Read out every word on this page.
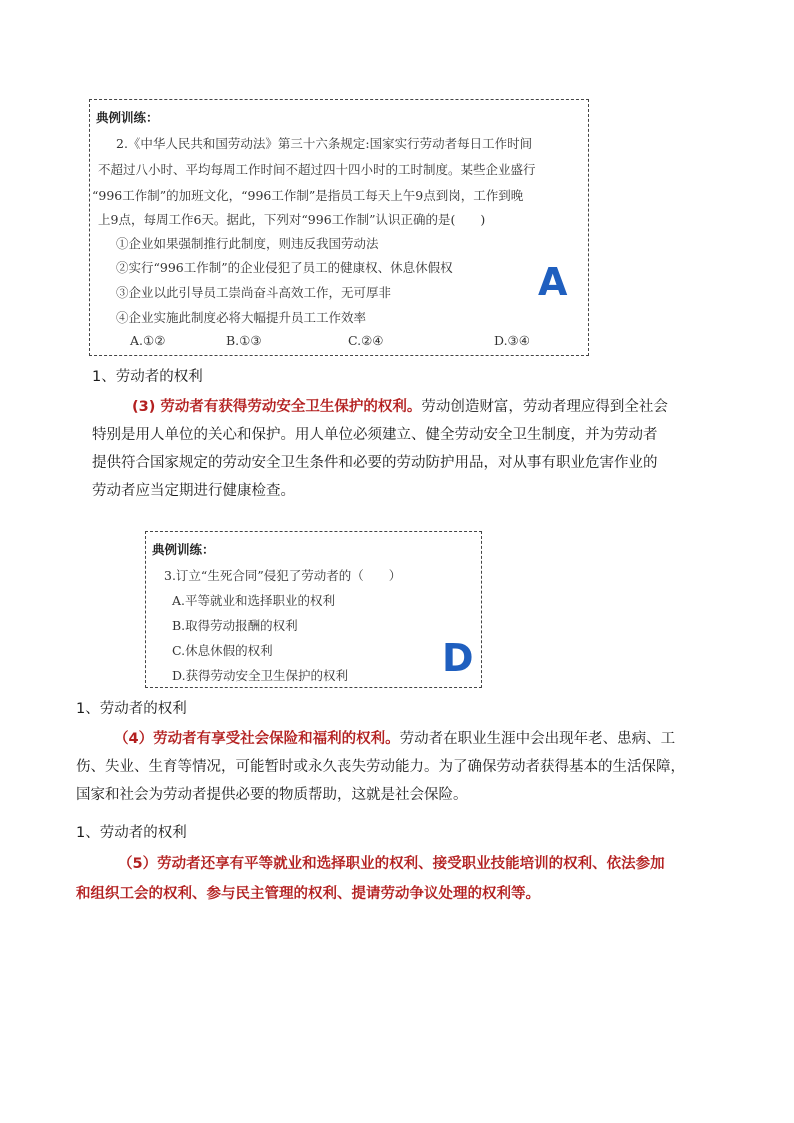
典例训练：
2.《中华人民共和国劳动法》第三十六条规定:国家实行劳动者每日工作时间
不超过八小时、平均每周工作时间不超过四十四小时的工时制度。某些企业盛行
“996工作制”的加班文化，“996工作制”是指员工每天上午9点到岗，工作到晚
上9点，每周工作6天。据此，下列对“996工作制”认识正确的是(　　)
①企业如果强制推行此制度，则违反我国劳动法
②实行“996工作制”的企业侵犯了员工的健康权、休息休假权
③企业以此引导员工崇尚奋斗高效工作，无可厚非
④企业实施此制度必将大幅提升员工工作效率
A.①②	B.①③	C.②④	D.③④
A
1、劳动者的权利
(3) 劳动者有获得劳动安全卫生保护的权利。劳动创造财富，劳动者理应得到全社会
特别是用人单位的关心和保护。用人单位必须建立、健全劳动安全卫生制度，并为劳动者
提供符合国家规定的劳动安全卫生条件和必要的劳动防护用品，对从事有职业危害作业的
劳动者应当定期进行健康检查。
典例训练：
3.订立“生死合同”侵犯了劳动者的（　　）
A.平等就业和选择职业的权利
B.取得劳动报酬的权利
C.休息休假的权利
D.获得劳动安全卫生保护的权利 D
1、劳动者的权利
（4）劳动者有享受社会保险和福利的权利。劳动者在职业生涯中会出现年老、患病、工
伤、失业、生育等情况，可能暂时或永久丧失劳动能力。为了确保劳动者获得基本的生活保障，
国家和社会为劳动者提供必要的物质帮助，这就是社会保险。
1、劳动者的权利
（5）劳动者还享有平等就业和选择职业的权利、接受职业技能培训的权利、依法参加
和组织工会的权利、参与民主管理的权利、提请劳动争议处理的权利等。
